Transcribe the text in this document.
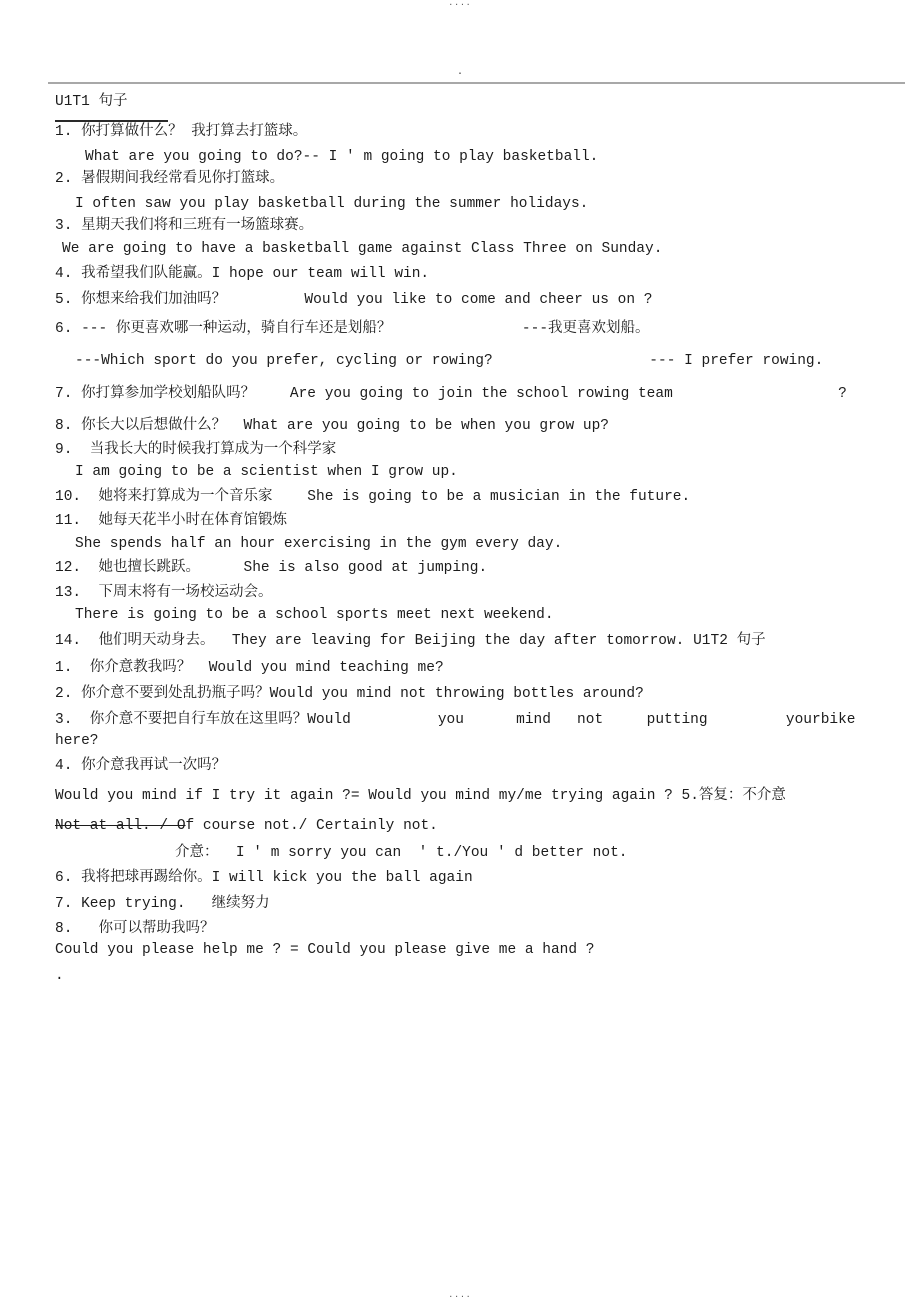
....
.
U1T1 句子
1. 你打算做什么？ 我打算去打篮球。
What are you going to do?-- I ' m going to play basketball.
2. 暑假期间我经常看见你打篮球。
I often saw you play basketball during the summer holidays.
3. 星期天我们将和三班有一场篮球赛。
We are going to have a basketball game against Class Three on Sunday.
4. 我希望我们队能赢。I hope our team will win.
5. 你想来给我们加油吗？         Would you like to come and cheer us on ?
6. --- 你更喜欢哪一种运动，骑自行车还是划船？               ---我更喜欢划船。
---Which sport do you prefer, cycling or rowing?                  --- I prefer rowing.
7. 你打算参加学校划船队吗？    Are you going to join the school rowing team                   ?
8. 你长大以后想做什么？  What are you going to be when you grow up?
9.  当我长大的时候我打算成为一个科学家
I am going to be a scientist when I grow up.
10.  她将来打算成为一个音乐家    She is going to be a musician in the future.
11.  她每天花半小时在体育馆锻炼
She spends half an hour exercising in the gym every day.
12.  她也擅长跳跃。     She is also good at jumping.
13.  下周末将有一场校运动会。
There is going to be a school sports meet next weekend.
14.  他们明天动身去。  They are leaving for Beijing the day after tomorrow. U1T2 句子
1.  你介意教我吗？  Would you mind teaching me?
2. 你介意不要到处乱扔瓶子吗？Would you mind not throwing bottles around?
3.  你介意不要把自行车放在这里吗？Would          you      mind   not     putting         yourbike
here?
4. 你介意我再试一次吗？
Would you mind if I try it again ?= Would you mind my/me trying again ? 5.答复：不介意
Not at all. / Of course not./ Certainly not.
介意：  I ' m sorry you can  ' t./You ' d better not.
6. 我将把球再踢给你。I will kick you the ball again
7. Keep trying.   继续努力
8.   你可以帮助我吗？
Could you please help me ? = Could you please give me a hand ?
.
....
